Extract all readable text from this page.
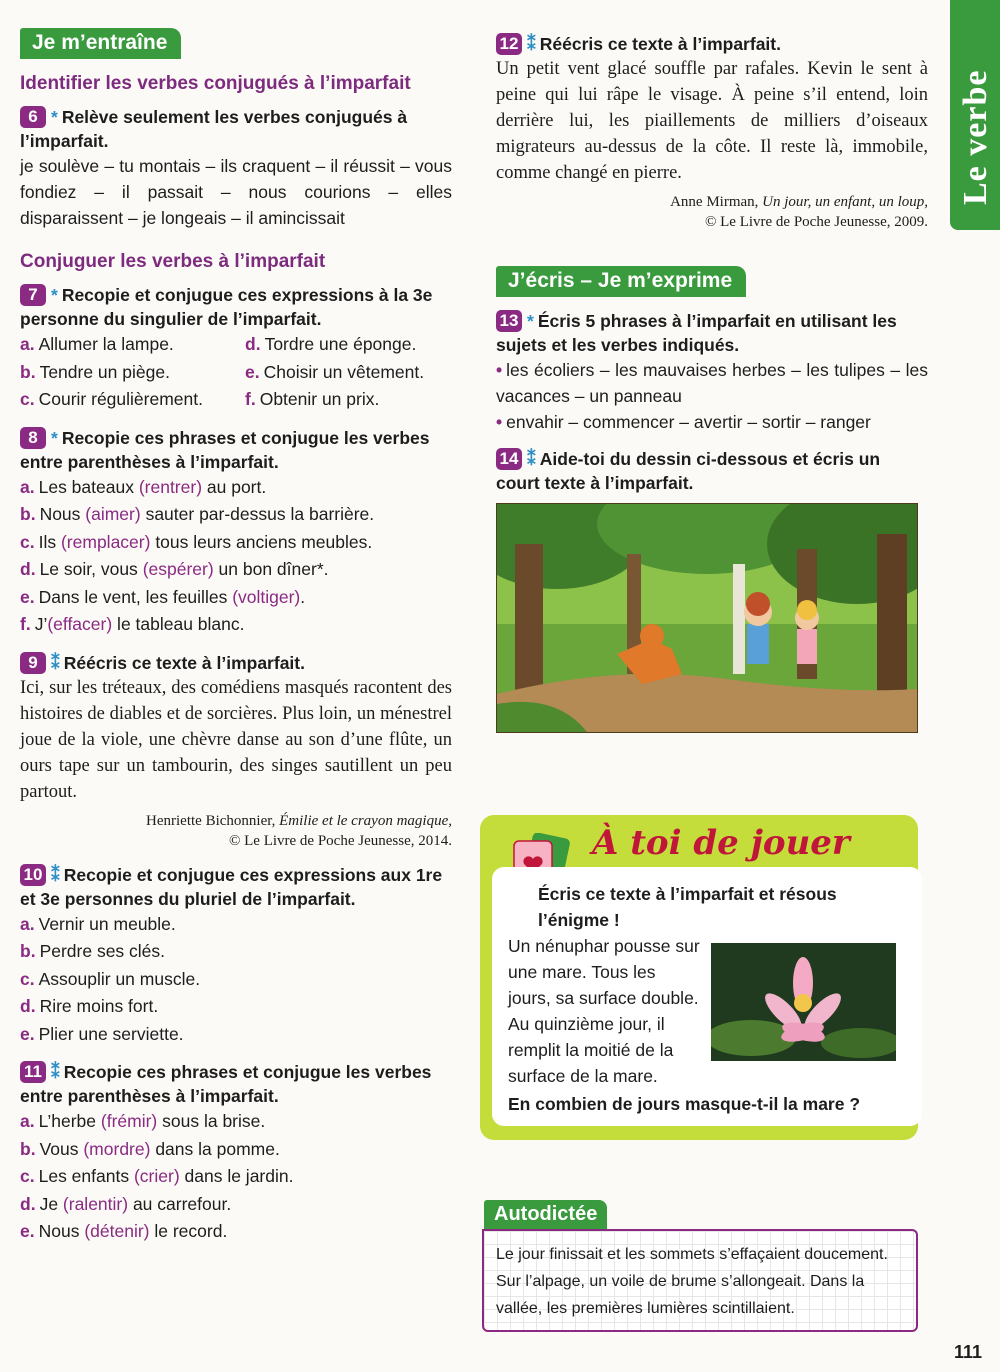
Le verbe
Je m’entraîne
Identifier les verbes conjugués à l’imparfait
6 * Relève seulement les verbes conjugués à l’imparfait.
je soulève – tu montais – ils craquent – il réussit – vous fondiez – il passait – nous courions – elles disparaissent – je longeais – il amincissait
Conjuguer les verbes à l’imparfait
7 * Recopie et conjugue ces expressions à la 3e personne du singulier de l’imparfait.
a. Allumer la lampe.	d. Tordre une éponge.
b. Tendre un piège.	e. Choisir un vêtement.
c. Courir régulièrement.	f. Obtenir un prix.
8 * Recopie ces phrases et conjugue les verbes entre parenthèses à l’imparfait.
a. Les bateaux (rentrer) au port.
b. Nous (aimer) sauter par-dessus la barrière.
c. Ils (remplacer) tous leurs anciens meubles.
d. Le soir, vous (espérer) un bon dîner*.
e. Dans le vent, les feuilles (voltiger).
f. J’(effacer) le tableau blanc.
9 ⁑ Réécris ce texte à l’imparfait.
Ici, sur les tréteaux, des comédiens masqués racontent des histoires de diables et de sorcières. Plus loin, un ménestrel joue de la viole, une chèvre danse au son d’une flûte, un ours tape sur un tambourin, des singes sautillent un peu partout.
Henriette Bichonnier, Émilie et le crayon magique,
© Le Livre de Poche Jeunesse, 2014.
10 ⁑ Recopie et conjugue ces expressions aux 1re et 3e personnes du pluriel de l’imparfait.
a. Vernir un meuble.
b. Perdre ses clés.
c. Assouplir un muscle.
d. Rire moins fort.
e. Plier une serviette.
11 ⁑ Recopie ces phrases et conjugue les verbes entre parenthèses à l’imparfait.
a. L’herbe (frémir) sous la brise.
b. Vous (mordre) dans la pomme.
c. Les enfants (crier) dans le jardin.
d. Je (ralentir) au carrefour.
e. Nous (détenir) le record.
12 ⁑ Réécris ce texte à l’imparfait.
Un petit vent glacé souffle par rafales. Kevin le sent à peine qui lui râpe le visage. À peine s’il entend, loin derrière lui, les piaillements de milliers d’oiseaux migrateurs au-dessus de la côte. Il reste là, immobile, comme changé en pierre.
Anne Mirman, Un jour, un enfant, un loup,
© Le Livre de Poche Jeunesse, 2009.
J’écris – Je m’exprime
13 * Écris 5 phrases à l’imparfait en utilisant les sujets et les verbes indiqués.
• les écoliers – les mauvaises herbes – les tulipes – les vacances – un panneau
• envahir – commencer – avertir – sortir – ranger
14 ⁑ Aide-toi du dessin ci-dessous et écris un court texte à l’imparfait.
À toi de jouer
Écris ce texte à l’imparfait et résous l’énigme !
Un nénuphar pousse sur une mare. Tous les jours, sa surface double. Au quinzième jour, il remplit la moitié de la surface de la mare.
En combien de jours masque-t-il la mare ?
Autodictée
Le jour finissait et les sommets s’effaçaient doucement. Sur l’alpage, un voile de brume s’allongeait. Dans la vallée, les premières lumières scintillaient.
111
